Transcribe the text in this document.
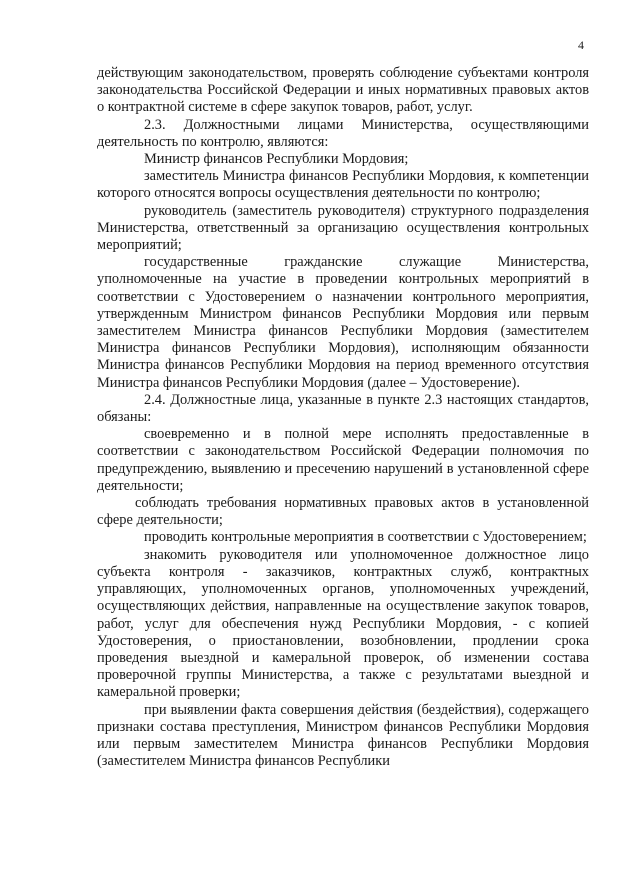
4

действующим законодательством, проверять соблюдение субъектами контроля законодательства Российской Федерации и иных нормативных правовых актов о контрактной системе в сфере закупок товаров, работ, услуг.

2.3. Должностными лицами Министерства, осуществляющими деятельность по контролю, являются:

Министр финансов Республики Мордовия;

заместитель Министра финансов Республики Мордовия, к компетенции которого относятся вопросы осуществления деятельности по контролю;

руководитель (заместитель руководителя) структурного подразделения Министерства, ответственный за организацию осуществления контрольных мероприятий;

государственные гражданские служащие Министерства, уполномоченные на участие в проведении контрольных мероприятий в соответствии с Удостоверением о назначении контрольного мероприятия, утвержденным Министром финансов Республики Мордовия или первым заместителем Министра финансов Республики Мордовия (заместителем Министра финансов Республики Мордовия), исполняющим обязанности Министра финансов Республики Мордовия на период временного отсутствия Министра финансов Республики Мордовия (далее – Удостоверение).

2.4. Должностные лица, указанные в пункте 2.3 настоящих стандартов, обязаны:

своевременно и в полной мере исполнять предоставленные в соответствии с законодательством Российской Федерации полномочия по предупреждению, выявлению и пресечению нарушений в установленной сфере деятельности;

соблюдать требования нормативных правовых актов в установленной сфере деятельности;

проводить контрольные мероприятия в соответствии с Удостоверением;

знакомить руководителя или уполномоченное должностное лицо субъекта контроля - заказчиков, контрактных служб, контрактных управляющих, уполномоченных органов, уполномоченных учреждений, осуществляющих действия, направленные на осуществление закупок товаров, работ, услуг для обеспечения нужд Республики Мордовия, - с копией Удостоверения, о приостановлении, возобновлении, продлении срока проведения выездной и камеральной проверок, об изменении состава проверочной группы Министерства, а также с результатами выездной и камеральной проверки;

при выявлении факта совершения действия (бездействия), содержащего признаки состава преступления, Министром финансов Республики Мордовия или первым заместителем Министра финансов Республики Мордовия (заместителем Министра финансов Республики
